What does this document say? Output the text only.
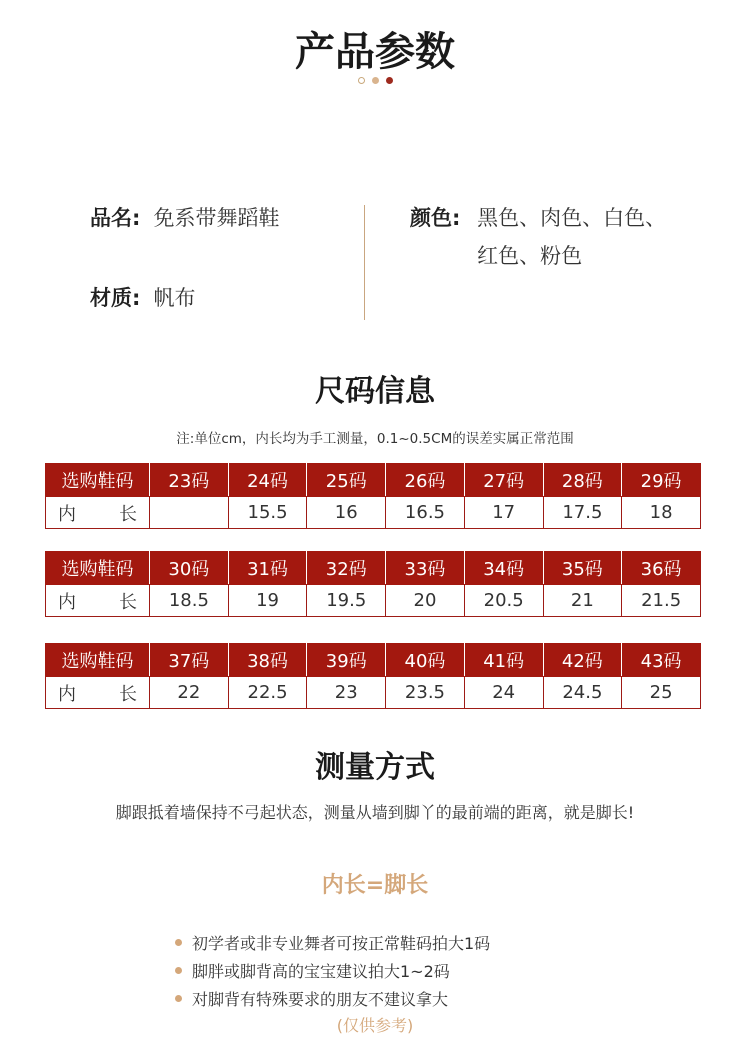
产品参数
品名: 免系带舞蹈鞋
材质: 帆布
颜色: 黑色、肉色、白色、
红色、粉色
尺码信息
注:单位cm，内长均为手工测量，0.1~0.5CM的误差实属正常范围
选购鞋码	23码	24码	25码	26码	27码	28码	29码

内 长		15.5	16	16.5	17	17.5	18
选购鞋码	30码	31码	32码	33码	34码	35码	36码

内 长	18.5	19	19.5	20	20.5	21	21.5
选购鞋码	37码	38码	39码	40码	41码	42码	43码

内 长	22	22.5	23	23.5	24	24.5	25
测量方式
脚跟抵着墙保持不弓起状态，测量从墙到脚丫的最前端的距离，就是脚长!
内长=脚长
初学者或非专业舞者可按正常鞋码拍大1码
脚胖或脚背高的宝宝建议拍大1~2码
对脚背有特殊要求的朋友不建议拿大
(仅供参考)
